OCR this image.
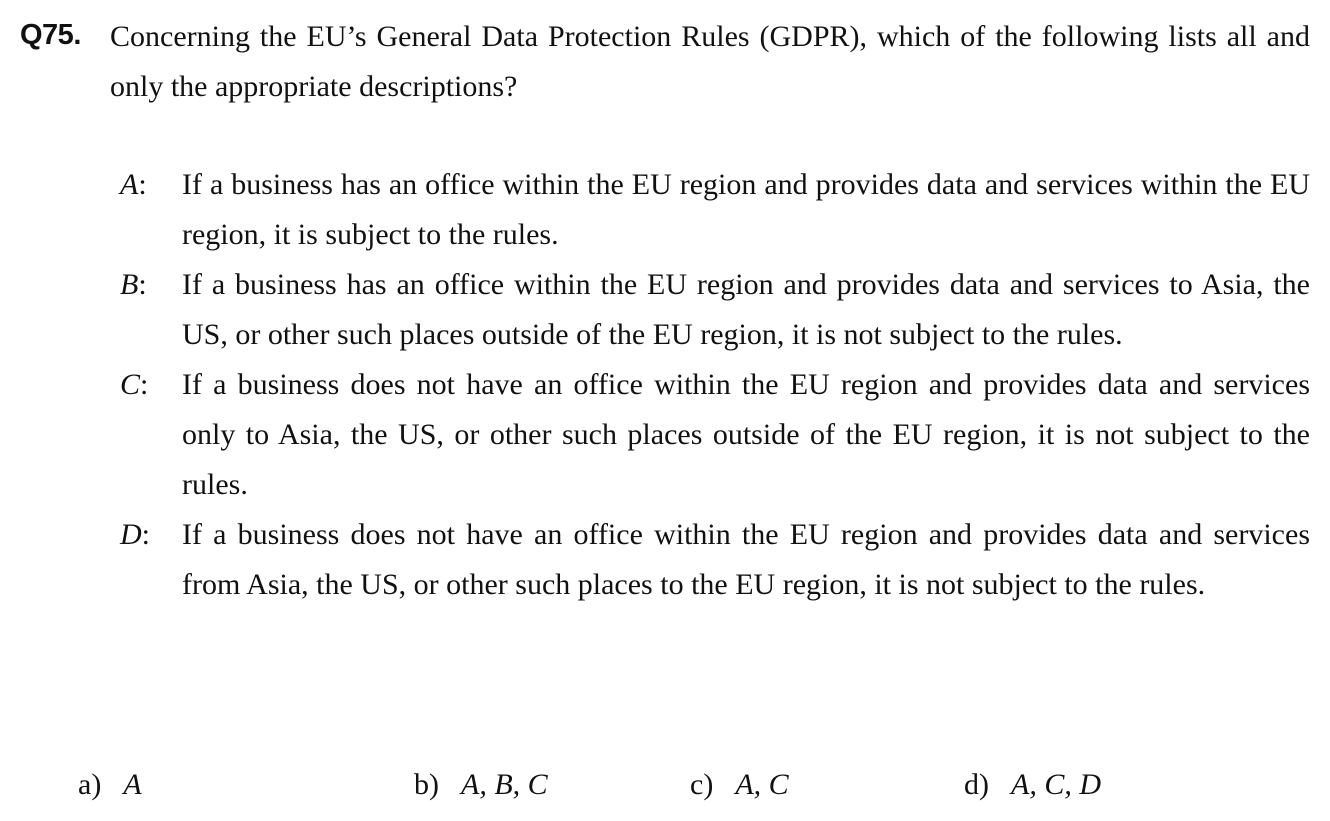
Q75. Concerning the EU’s General Data Protection Rules (GDPR), which of the following lists all and only the appropriate descriptions?
A:	If a business has an office within the EU region and provides data and services within the EU region, it is subject to the rules.
B:	If a business has an office within the EU region and provides data and services to Asia, the US, or other such places outside of the EU region, it is not subject to the rules.
C:	If a business does not have an office within the EU region and provides data and services only to Asia, the US, or other such places outside of the EU region, it is not subject to the rules.
D:	If a business does not have an office within the EU region and provides data and services from Asia, the US, or other such places to the EU region, it is not subject to the rules.
a) A	b) A, B, C	c) A, C	d) A, C, D
